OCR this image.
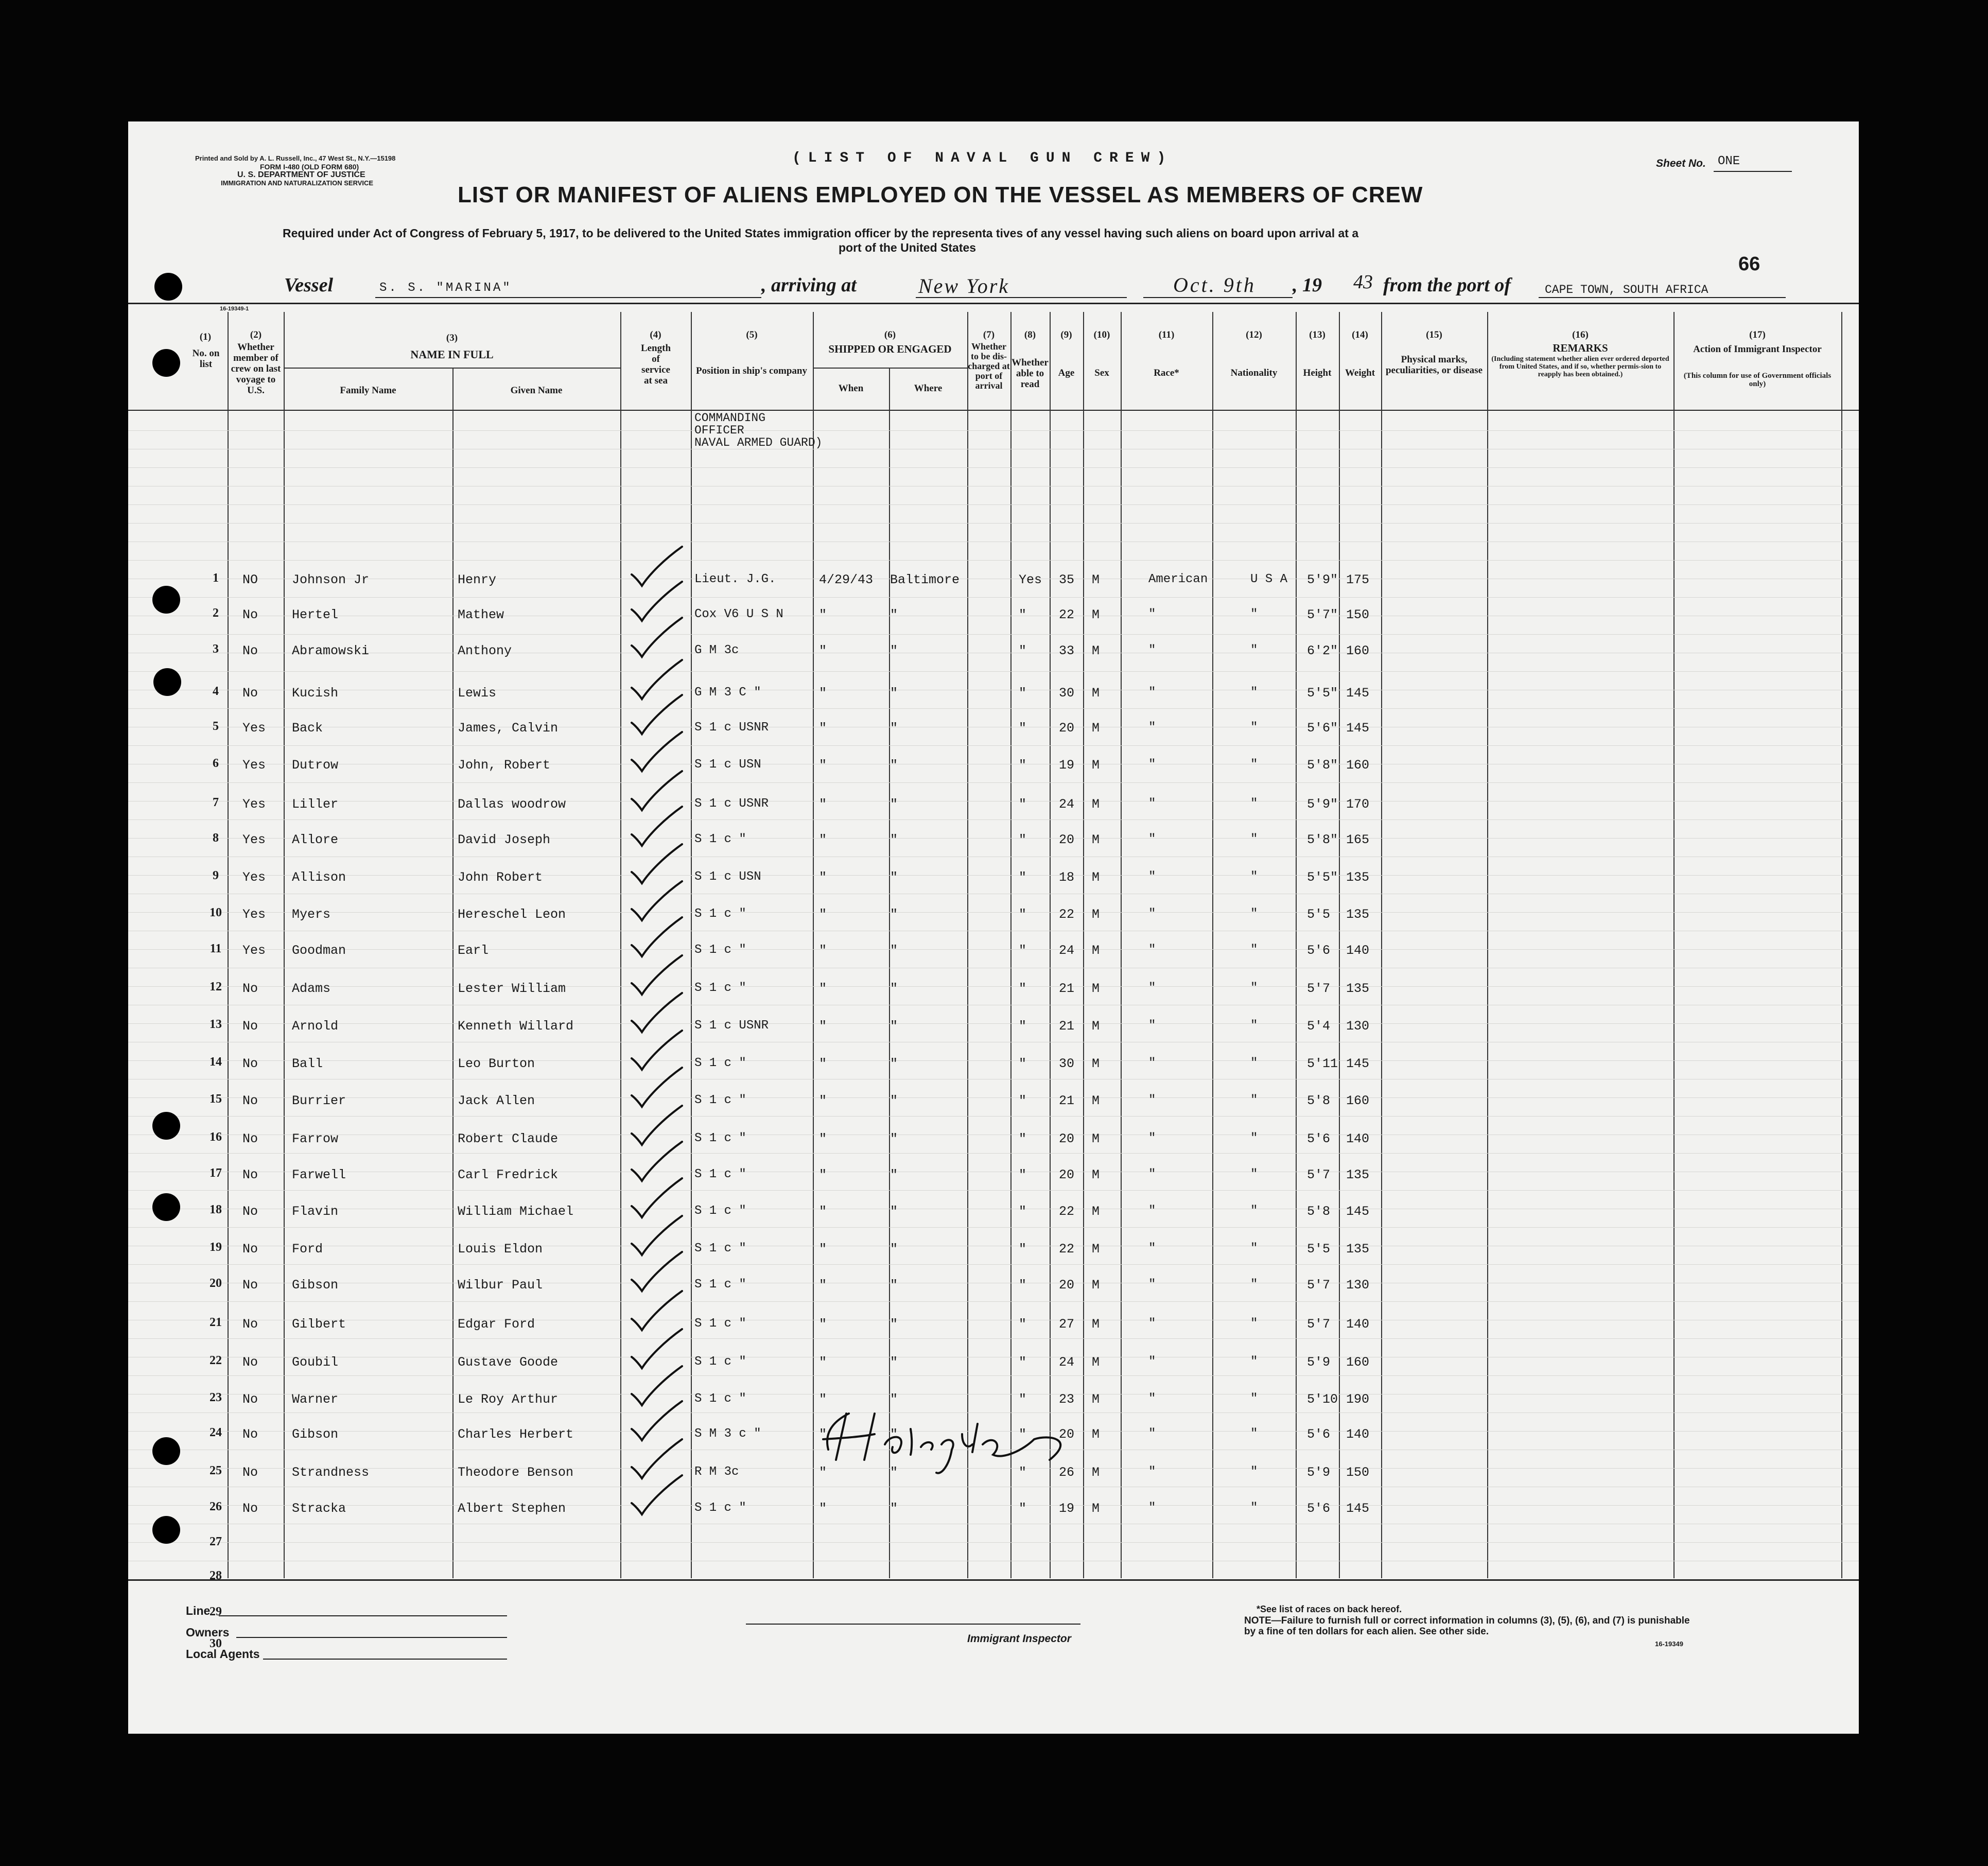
Printed and Sold by A. L. Russell, Inc., 47 West St., N.Y.—15198
FORM I-480 (OLD FORM 680)
U. S. DEPARTMENT OF JUSTICE
IMMIGRATION AND NATURALIZATION SERVICE
(LIST OF NAVAL GUN CREW)	Sheet No. ONE
LIST OR MANIFEST OF ALIENS EMPLOYED ON THE VESSEL AS MEMBERS OF CREW
Required under Act of Congress of February 5, 1917, to be delivered to the United States immigration officer by the representa tives of any vessel having such aliens on board upon arrival at a
port of the United States
66
Vessel	S. S. "MARINA"	, arriving at	New York	Oct. 9th , 19 43 from the port of	CAPE TOWN, SOUTH AFRICA
16-19349-1
(1)
No. on list
(2)
Whether member of crew on last voyage to U.S.
(3)
NAME IN FULL
Family Name	Given Name
(4)
Length of service at sea
(5)
Position in ship's company
(6)
SHIPPED OR ENGAGED
When	Where
(7)
Whether to be dis-charged at port of arrival
(8)
Whether able to read
(9)
Age
(10)
Sex
(11)
Race*
(12)
Nationality
(13)
Height
(14)
Weight
(15)
Physical marks, peculiarities, or disease
(16)
REMARKS
(Including statement whether alien ever ordered deported from United States, and if so, whether permis-sion to reapply has been obtained.)
(17)
Action of Immigrant Inspector
(This column for use of Government officials only)
COMMANDING
OFFICER
NAVAL ARMED GUARD)
1	NO	Johnson Jr	Henry	Lieut. J.G.	4/29/43 Baltimore	Yes 35 M	American	U S A 5'9" 175
2	No	Hertel	Mathew	Cox V6 U S N	"	"	"	22 M	"	"	5'7" 150
3	No	Abramowski	Anthony	G M 3c	"	"	"	33 M	"	"	6'2" 160
4	No	Kucish	Lewis	G M 3 C "	"	"	"	30 M	"	"	5'5" 145
5	Yes Back	James, Calvin	S 1 c USNR	"	"	"	20 M	"	"	5'6" 145
6	Yes Dutrow	John, Robert	S 1 c USN	"	"	"	19 M	"	"	5'8" 160
7	Yes Liller	Dallas woodrow	S 1 c USNR	"	"	"	24 M	"	"	5'9" 170
8	Yes Allore	David Joseph	S 1 c "	"	"	"	20 M	"	"	5'8" 165
9	Yes Allison	John Robert	S 1 c USN	"	"	"	18 M	"	"	5'5" 135
10	Yes Myers	Hereschel Leon	S 1 c "	"	"	"	22 M	"	"	5'5 135
11	Yes Goodman	Earl	S 1 c "	"	"	"	24 M	"	"	5'6 140
12	No	Adams	Lester William	S 1 c "	"	"	"	21 M	"	"	5'7 135
13	No	Arnold	Kenneth Willard	S 1 c USNR	"	"	"	21 M	"	"	5'4 130
14	No	Ball	Leo Burton	S 1 c "	"	"	"	30 M	"	"	5'11 145
15	No	Burrier	Jack Allen	S 1 c "	"	"	"	21 M	"	"	5'8 160
16	No	Farrow	Robert Claude	S 1 c "	"	"	"	20 M	"	"	5'6 140
17	No	Farwell	Carl Fredrick	S 1 c "	"	"	"	20 M	"	"	5'7 135
18	No	Flavin	William Michael	S 1 c "	"	"	"	22 M	"	"	5'8 145
19	No	Ford	Louis Eldon	S 1 c "	"	"	"	22 M	"	"	5'5 135
20	No	Gibson	Wilbur Paul	S 1 c "	"	"	"	20 M	"	"	5'7 130
21	No	Gilbert	Edgar Ford	S 1 c "	"	"	"	27 M	"	"	5'7 140
22	No	Goubil	Gustave Goode	S 1 c "	"	"	"	24 M	"	"	5'9 160
23	No	Warner	Le Roy Arthur	S 1 c "	"	"	"	23 M	"	"	5'10 190
24	No	Gibson	Charles Herbert	S M 3 c "	"	"	"	20 M	"	"	5'6 140
25	No	Strandness	Theodore Benson	R M 3c	"	"	"	26 M	"	"	5'9 150
26	No	Stracka	Albert Stephen	S 1 c "	"	"	"	19 M	"	"	5'6 145
27
28
29
30
Line
Owners
Local Agents
Immigrant Inspector
*See list of races on back hereof.
NOTE—Failure to furnish full or correct information in columns (3), (5), (6), and (7) is punishable by a fine of ten dollars for each alien. See other side.
16-19349
